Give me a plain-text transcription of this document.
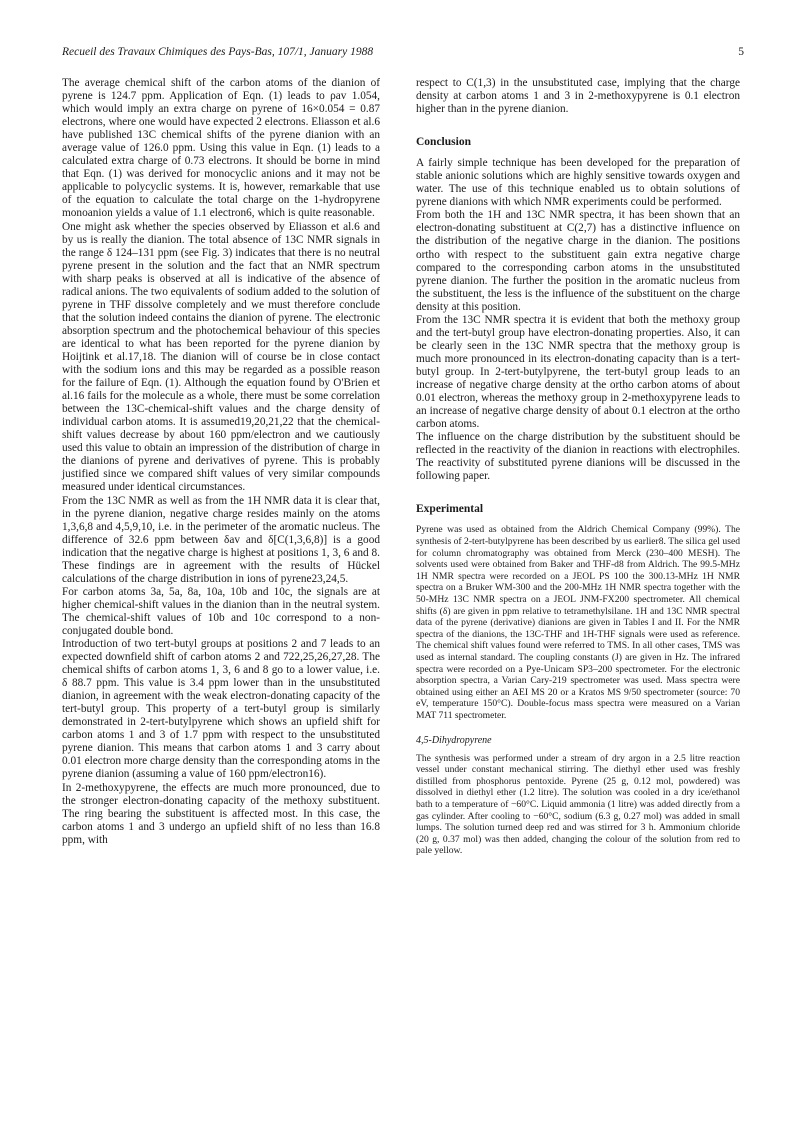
Recueil des Travaux Chimiques des Pays-Bas, 107/1, January 1988	5

The average chemical shift of the carbon atoms of the dianion of pyrene is 124.7 ppm. Application of Eqn. (1) leads to ρav 1.054, which would imply an extra charge on pyrene of 16×0.054 = 0.87 electrons, where one would have expected 2 electrons. Eliasson et al.6 have published 13C chemical shifts of the pyrene dianion with an average value of 126.0 ppm. Using this value in Eqn. (1) leads to a calculated extra charge of 0.73 electrons. It should be borne in mind that Eqn. (1) was derived for monocyclic anions and it may not be applicable to polycyclic systems. It is, however, remarkable that use of the equation to calculate the total charge on the 1-hydropyrene monoanion yields a value of 1.1 electron6, which is quite reasonable.

One might ask whether the species observed by Eliasson et al.6 and by us is really the dianion. The total absence of 13C NMR signals in the range δ 124–131 ppm (see Fig. 3) indicates that there is no neutral pyrene present in the solution and the fact that an NMR spectrum with sharp peaks is observed at all is indicative of the absence of radical anions. The two equivalents of sodium added to the solution of pyrene in THF dissolve completely and we must therefore conclude that the solution indeed contains the dianion of pyrene. The electronic absorption spectrum and the photochemical behaviour of this species are identical to what has been reported for the pyrene dianion by Hoijtink et al.17,18. The dianion will of course be in close contact with the sodium ions and this may be regarded as a possible reason for the failure of Eqn. (1). Although the equation found by O'Brien et al.16 fails for the molecule as a whole, there must be some correlation between the 13C-chemical-shift values and the charge density of individual carbon atoms. It is assumed19,20,21,22 that the chemical-shift values decrease by about 160 ppm/electron and we cautiously used this value to obtain an impression of the distribution of charge in the dianions of pyrene and derivatives of pyrene. This is probably justified since we compared shift values of very similar compounds measured under identical circumstances.

From the 13C NMR as well as from the 1H NMR data it is clear that, in the pyrene dianion, negative charge resides mainly on the atoms 1,3,6,8 and 4,5,9,10, i.e. in the perimeter of the aromatic nucleus. The difference of 32.6 ppm between δav and δ[C(1,3,6,8)] is a good indication that the negative charge is highest at positions 1, 3, 6 and 8. These findings are in agreement with the results of Hückel calculations of the charge distribution in ions of pyrene23,24,5.

For carbon atoms 3a, 5a, 8a, 10a, 10b and 10c, the signals are at higher chemical-shift values in the dianion than in the neutral system. The chemical-shift values of 10b and 10c correspond to a non-conjugated double bond.

Introduction of two tert-butyl groups at positions 2 and 7 leads to an expected downfield shift of carbon atoms 2 and 722,25,26,27,28. The chemical shifts of carbon atoms 1, 3, 6 and 8 go to a lower value, i.e. δ 88.7 ppm. This value is 3.4 ppm lower than in the unsubstituted dianion, in agreement with the weak electron-donating capacity of the tert-butyl group. This property of a tert-butyl group is similarly demonstrated in 2-tert-butylpyrene which shows an upfield shift for carbon atoms 1 and 3 of 1.7 ppm with respect to the unsubstituted pyrene dianion. This means that carbon atoms 1 and 3 carry about 0.01 electron more charge density than the corresponding atoms in the pyrene dianion (assuming a value of 160 ppm/electron16).

In 2-methoxypyrene, the effects are much more pronounced, due to the stronger electron-donating capacity of the methoxy substituent. The ring bearing the substituent is affected most. In this case, the carbon atoms 1 and 3 undergo an upfield shift of no less than 16.8 ppm, with

respect to C(1,3) in the unsubstituted case, implying that the charge density at carbon atoms 1 and 3 in 2-methoxypyrene is 0.1 electron higher than in the pyrene dianion.

Conclusion

A fairly simple technique has been developed for the preparation of stable anionic solutions which are highly sensitive towards oxygen and water. The use of this technique enabled us to obtain solutions of pyrene dianions with which NMR experiments could be performed.

From both the 1H and 13C NMR spectra, it has been shown that an electron-donating substituent at C(2,7) has a distinctive influence on the distribution of the negative charge in the dianion. The positions ortho with respect to the substituent gain extra negative charge compared to the corresponding carbon atoms in the unsubstituted pyrene dianion. The further the position in the aromatic nucleus from the substituent, the less is the influence of the substituent on the charge density at this position.

From the 13C NMR spectra it is evident that both the methoxy group and the tert-butyl group have electron-donating properties. Also, it can be clearly seen in the 13C NMR spectra that the methoxy group is much more pronounced in its electron-donating capacity than is a tert-butyl group. In 2-tert-butylpyrene, the tert-butyl group leads to an increase of negative charge density at the ortho carbon atoms of about 0.01 electron, whereas the methoxy group in 2-methoxypyrene leads to an increase of negative charge density of about 0.1 electron at the ortho carbon atoms.

The influence on the charge distribution by the substituent should be reflected in the reactivity of the dianion in reactions with electrophiles. The reactivity of substituted pyrene dianions will be discussed in the following paper.

Experimental

Pyrene was used as obtained from the Aldrich Chemical Company (99%). The synthesis of 2-tert-butylpyrene has been described by us earlier8. The silica gel used for column chromatography was obtained from Merck (230–400 MESH). The solvents used were obtained from Baker and THF-d8 from Aldrich. The 99.5-MHz 1H NMR spectra were recorded on a JEOL PS 100 the 300.13-MHz 1H NMR spectra on a Bruker WM-300 and the 200-MHz 1H NMR spectra together with the 50-MHz 13C NMR spectra on a JEOL JNM-FX200 spectrometer. All chemical shifts (δ) are given in ppm relative to tetramethylsilane. 1H and 13C NMR spectral data of the pyrene (derivative) dianions are given in Tables I and II. For the NMR spectra of the dianions, the 13C-THF and 1H-THF signals were used as reference. The chemical shift values found were referred to TMS. In all other cases, TMS was used as internal standard. The coupling constants (J) are given in Hz. The infrared spectra were recorded on a Pye-Unicam SP3–200 spectrometer. For the electronic absorption spectra, a Varian Cary-219 spectrometer was used. Mass spectra were obtained using either an AEI MS 20 or a Kratos MS 9/50 spectrometer (source: 70 eV, temperature 150°C). Double-focus mass spectra were measured on a Varian MAT 711 spectrometer.

4,5-Dihydropyrene

The synthesis was performed under a stream of dry argon in a 2.5 litre reaction vessel under constant mechanical stirring. The diethyl ether used was freshly distilled from phosphorus pentoxide. Pyrene (25 g, 0.12 mol, powdered) was dissolved in diethyl ether (1.2 litre). The solution was cooled in a dry ice/ethanol bath to a temperature of −60°C. Liquid ammonia (1 litre) was added directly from a gas cylinder. After cooling to −60°C, sodium (6.3 g, 0.27 mol) was added in small lumps. The solution turned deep red and was stirred for 3 h. Ammonium chloride (20 g, 0.37 mol) was then added, changing the colour of the solution from red to pale yellow.
